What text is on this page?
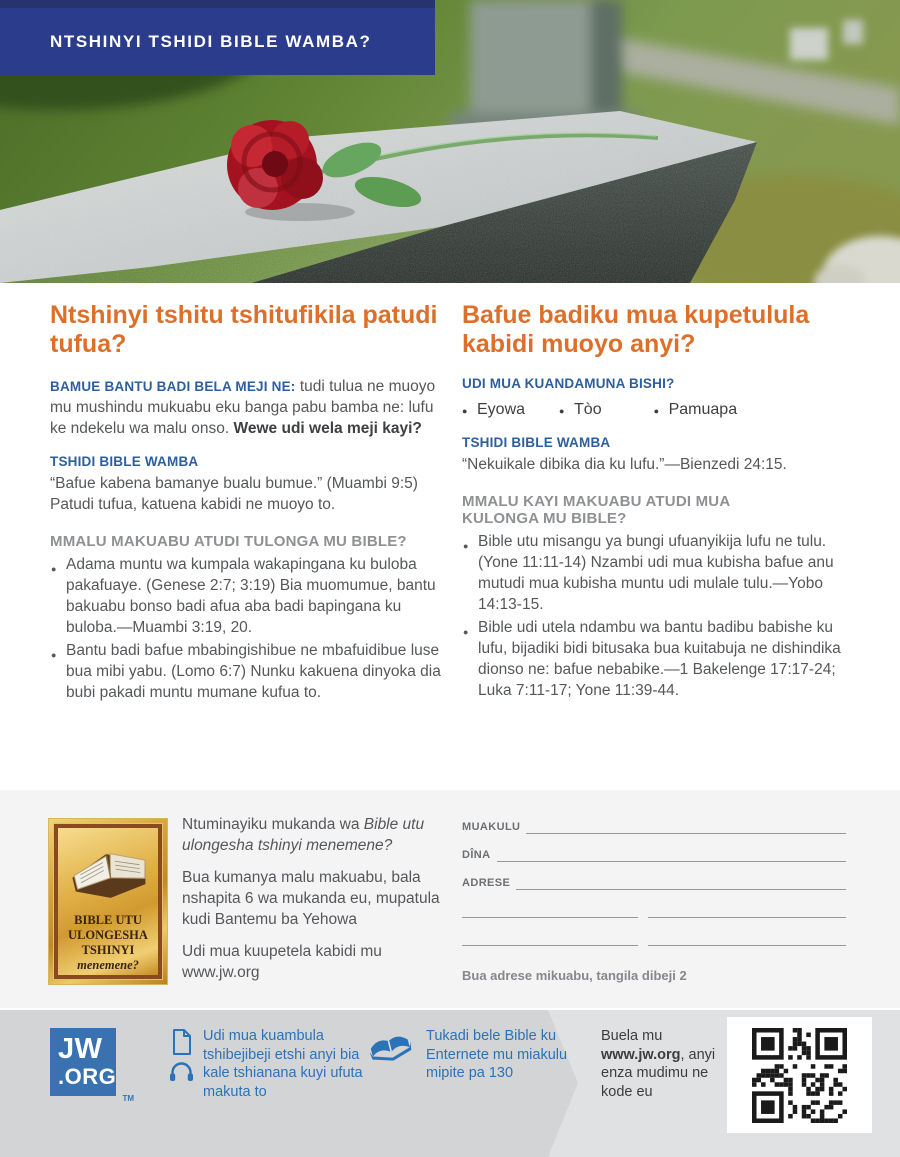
NTSHINYI TSHIDI BIBLE WAMBA?
Ntshinyi tshitu tshitufikila patudi tufua?

BAMUE BANTU BADI BELA MEJI NE: tudi tulua ne muoyo mu mushindu mukuabu eku banga pabu bamba ne: lufu ke ndekelu wa malu onso. Wewe udi wela meji kayi?

TSHIDI BIBLE WAMBA

“Bafue kabena bamanye bualu bumue.” (Muambi 9:5) Patudi tufua, katuena kabidi ne muoyo to.

MMALU MAKUABU ATUDI TULONGA MU BIBLE?
● Adama muntu wa kumpala wakapingana ku buloba pakafuaye. (Genese 2:7; 3:19) Bia muomumue, bantu bakuabu bonso badi afua aba badi bapingana ku buloba.—Muambi 3:19, 20.
● Bantu badi bafue mbabingishibue ne mbafuidibue luse bua mibi yabu. (Lomo 6:7) Nunku kakuena dinyoka dia bubi pakadi muntu mumane kufua to.
Bafue badiku mua kupetulula kabidi muoyo anyi?
UDI MUA KUANDAMUNA BISHI?
● Eyowa	● Tòo	● Pamuapa
TSHIDI BIBLE WAMBA

“Nekuikale dibika dia ku lufu.”—Bienzedi 24:15.

MMALU KAYI MAKUABU ATUDI MUA KULONGA MU BIBLE?
● Bible utu misangu ya bungi ufuanyikija lufu ne tulu. (Yone 11:11-14) Nzambi udi mua kubisha bafue anu mutudi mua kubisha muntu udi mulale tulu.—Yobo 14:13-15.
● Bible udi utela ndambu wa bantu badibu babishe ku lufu, bijadiki bidi bitusaka bua kuitabuja ne dishindika dionso ne: bafue nebabike.—1 Bakelenge 17:17-24; Luka 7:11-17; Yone 11:39-44.
BIBLE UTU
ULONGESHA
TSHINYI
menemene?

Ntuminayiku mukanda wa Bible utu ulongesha tshinyi menemene?

Bua kumanya malu makuabu, bala nshapita 6 wa mukanda eu, mupatula kudi Bantemu ba Yehowa

Udi mua kuupetela kabidi mu www.jw.org

MUAKULU
DÎNA
ADRESE
Bua adrese mikuabu, tangila dibeji 2
JW
.ORG
TM
Udi mua kuambula tshibejibeji etshi anyi bia kale tshianana kuyi ufuta makuta to
Tukadi bele Bible ku Enternete mu miakulu mipite pa 130
Buela mu www.jw.org, anyi enza mudimu ne kode eu
